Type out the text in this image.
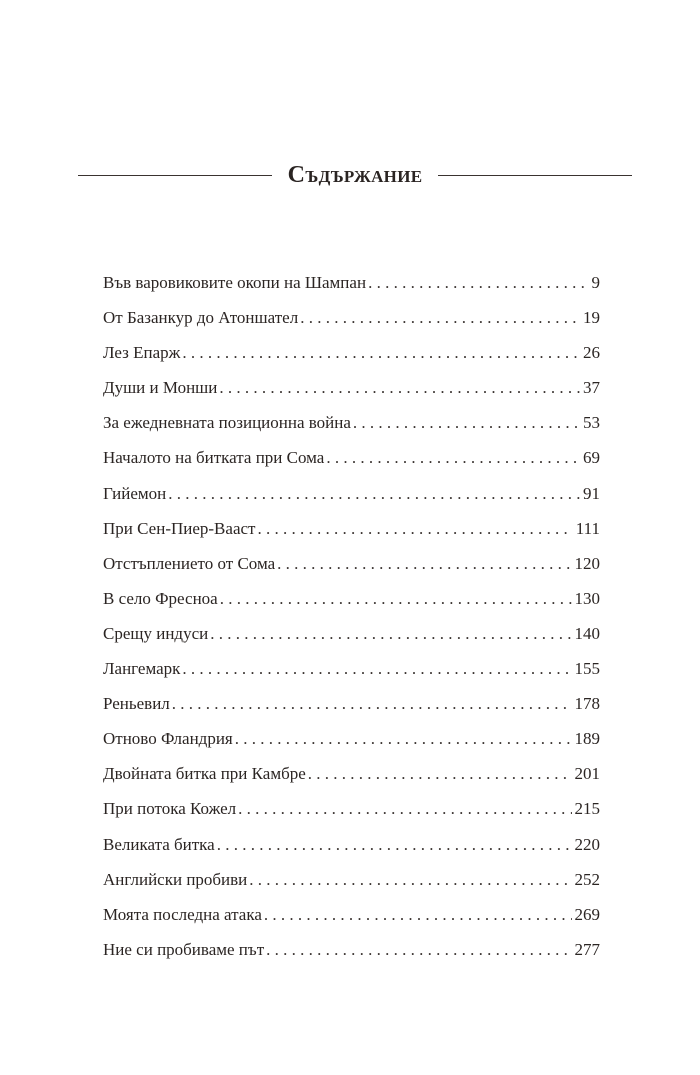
Съдържание
Във варовиковите окопи на Шампан . . .	9
От Базанкур до Атоншател . . .	19
Лез Епарж . . .	26
Души и Монши . . .	37
За ежедневната позиционна война . . .	53
Началото на битката при Сома . . .	69
Гийемон . . .	91
При Сен-Пиер-Вааст . . .	111
Отстъплението от Сома . . .	120
В село Фресноа . . .	130
Срещу индуси . . .	140
Лангемарк . . .	155
Реньевил . . .	178
Отново Фландрия . . .	189
Двойната битка при Камбре . . .	201
При потока Кожел . . .	215
Великата битка . . .	220
Английски пробиви . . .	252
Моята последна атака . . .	269
Ние си пробиваме път . . .	277
